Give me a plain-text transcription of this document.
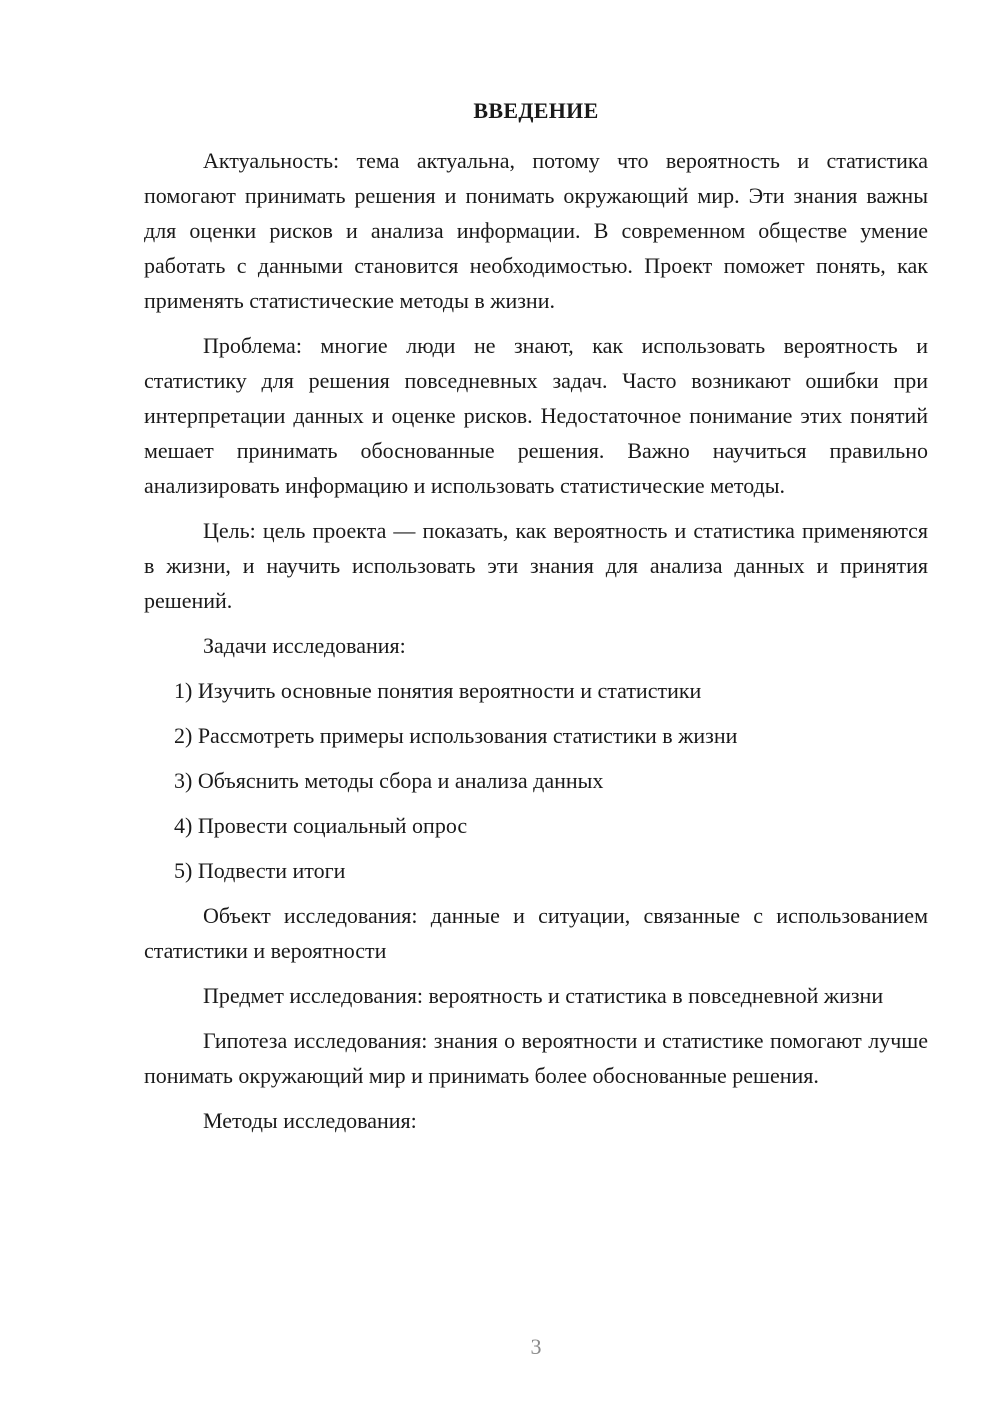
ВВЕДЕНИЕ

Актуальность: тема актуальна, потому что вероятность и статистика помогают принимать решения и понимать окружающий мир. Эти знания важны для оценки рисков и анализа информации. В современном обществе умение работать с данными становится необходимостью. Проект поможет понять, как применять статистические методы в жизни.

Проблема: многие люди не знают, как использовать вероятность и статистику для решения повседневных задач. Часто возникают ошибки при интерпретации данных и оценке рисков. Недостаточное понимание этих понятий мешает принимать обоснованные решения. Важно научиться правильно анализировать информацию и использовать статистические методы.

Цель: цель проекта — показать, как вероятность и статистика применяются в жизни, и научить использовать эти знания для анализа данных и принятия решений.

Задачи исследования:

1) Изучить основные понятия вероятности и статистики
2) Рассмотреть примеры использования статистики в жизни
3) Объяснить методы сбора и анализа данных
4) Провести социальный опрос
5) Подвести итоги

Объект исследования: данные и ситуации, связанные с использованием статистики и вероятности

Предмет исследования: вероятность и статистика в повседневной жизни

Гипотеза исследования: знания о вероятности и статистике помогают лучше понимать окружающий мир и принимать более обоснованные решения.

Методы исследования:

3
